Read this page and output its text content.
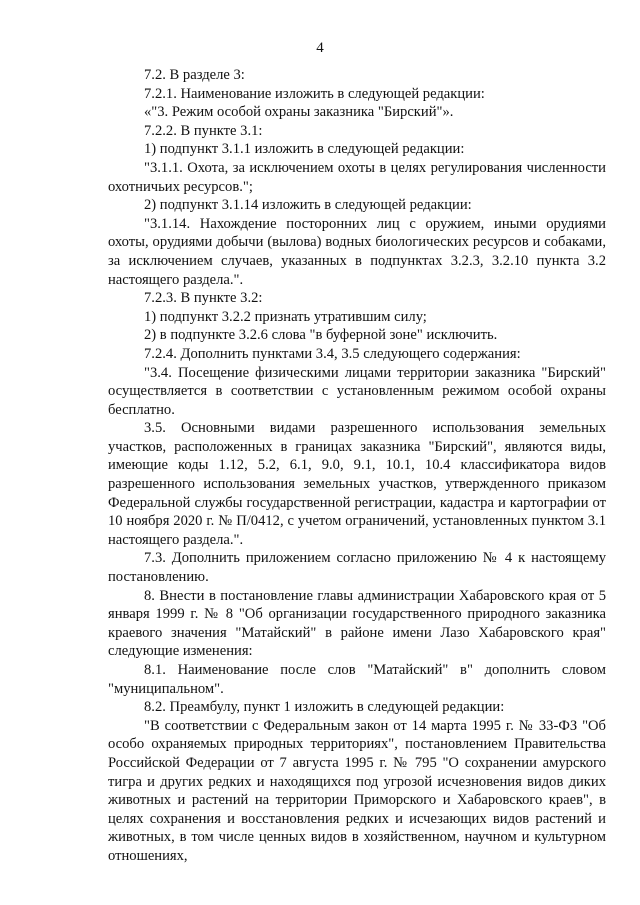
4

7.2. В разделе 3:

7.2.1. Наименование изложить в следующей редакции:

«"3. Режим особой охраны заказника "Бирский"».

7.2.2. В пункте 3.1:

1) подпункт 3.1.1 изложить в следующей редакции:

"3.1.1. Охота, за исключением охоты в целях регулирования численности охотничьих ресурсов.";

2) подпункт 3.1.14 изложить в следующей редакции:

"3.1.14. Нахождение посторонних лиц с оружием, иными орудиями охоты, орудиями добычи (вылова) водных биологических ресурсов и собаками, за исключением случаев, указанных в подпунктах 3.2.3, 3.2.10 пункта 3.2 настоящего раздела.".

7.2.3. В пункте 3.2:

1) подпункт 3.2.2 признать утратившим силу;

2) в подпункте 3.2.6 слова "в буферной зоне" исключить.

7.2.4. Дополнить пунктами 3.4, 3.5 следующего содержания:

"3.4. Посещение физическими лицами территории заказника "Бирский" осуществляется в соответствии с установленным режимом особой охраны бесплатно.

3.5. Основными видами разрешенного использования земельных участков, расположенных в границах заказника "Бирский", являются виды, имеющие коды 1.12, 5.2, 6.1, 9.0, 9.1, 10.1, 10.4 классификатора видов разрешенного использования земельных участков, утвержденного приказом Федеральной службы государственной регистрации, кадастра и картографии от 10 ноября 2020 г. № П/0412, с учетом ограничений, установленных пунктом 3.1 настоящего раздела.".

7.3. Дополнить приложением согласно приложению № 4 к настоящему постановлению.

8. Внести в постановление главы администрации Хабаровского края от 5 января 1999 г. № 8 "Об организации государственного природного заказника краевого значения "Матайский" в районе имени Лазо Хабаровского края" следующие изменения:

8.1. Наименование после слов "Матайский" в" дополнить словом "муниципальном".

8.2. Преамбулу, пункт 1 изложить в следующей редакции:

"В соответствии с Федеральным закон от 14 марта 1995 г. № 33-ФЗ "Об особо охраняемых природных территориях", постановлением Правительства Российской Федерации от 7 августа 1995 г. № 795 "О сохранении амурского тигра и других редких и находящихся под угрозой исчезновения видов диких животных и растений на территории Приморского и Хабаровского краев", в целях сохранения и восстановления редких и исчезающих видов растений и животных, в том числе ценных видов в хозяйственном, научном и культурном отношениях,
